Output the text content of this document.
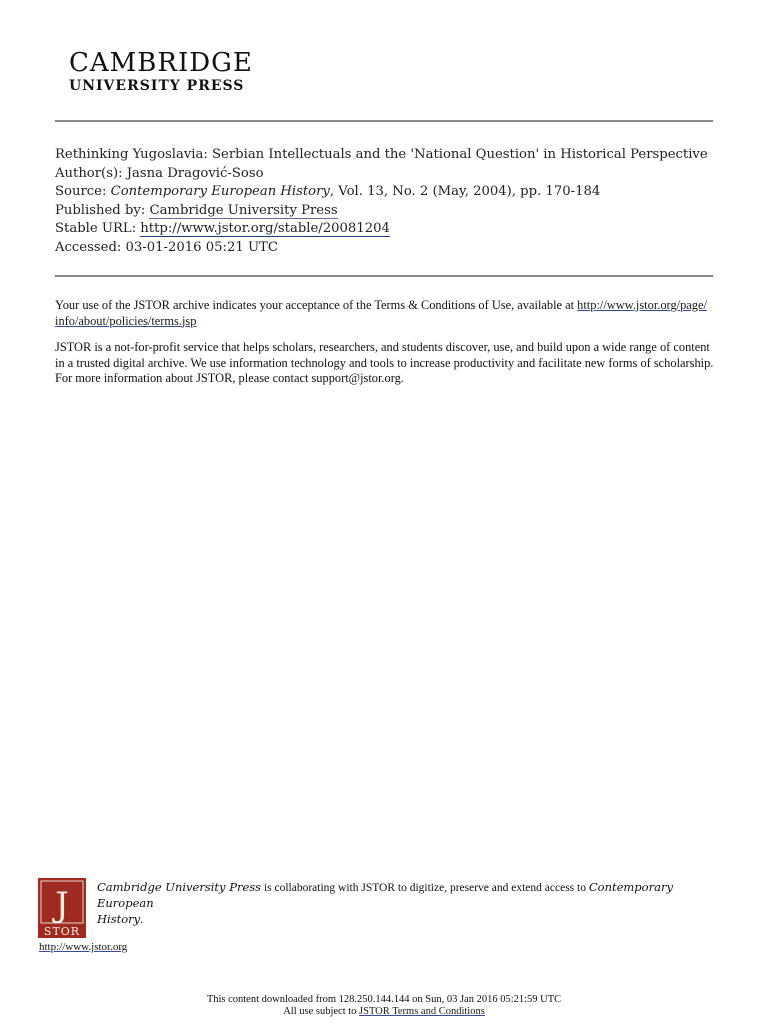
CAMBRIDGE
UNIVERSITY PRESS
Rethinking Yugoslavia: Serbian Intellectuals and the 'National Question' in Historical Perspective
Author(s): Jasna Dragović-Soso
Source: Contemporary European History, Vol. 13, No. 2 (May, 2004), pp. 170-184
Published by: Cambridge University Press
Stable URL: http://www.jstor.org/stable/20081204
Accessed: 03-01-2016 05:21 UTC
Your use of the JSTOR archive indicates your acceptance of the Terms & Conditions of Use, available at http://www.jstor.org/page/
info/about/policies/terms.jsp
JSTOR is a not-for-profit service that helps scholars, researchers, and students discover, use, and build upon a wide range of content
in a trusted digital archive. We use information technology and tools to increase productivity and facilitate new forms of scholarship.
For more information about JSTOR, please contact support@jstor.org.
J
STOR
Cambridge University Press is collaborating with JSTOR to digitize, preserve and extend access to Contemporary European
History.
http://www.jstor.org
This content downloaded from 128.250.144.144 on Sun, 03 Jan 2016 05:21:59 UTC
All use subject to JSTOR Terms and Conditions
